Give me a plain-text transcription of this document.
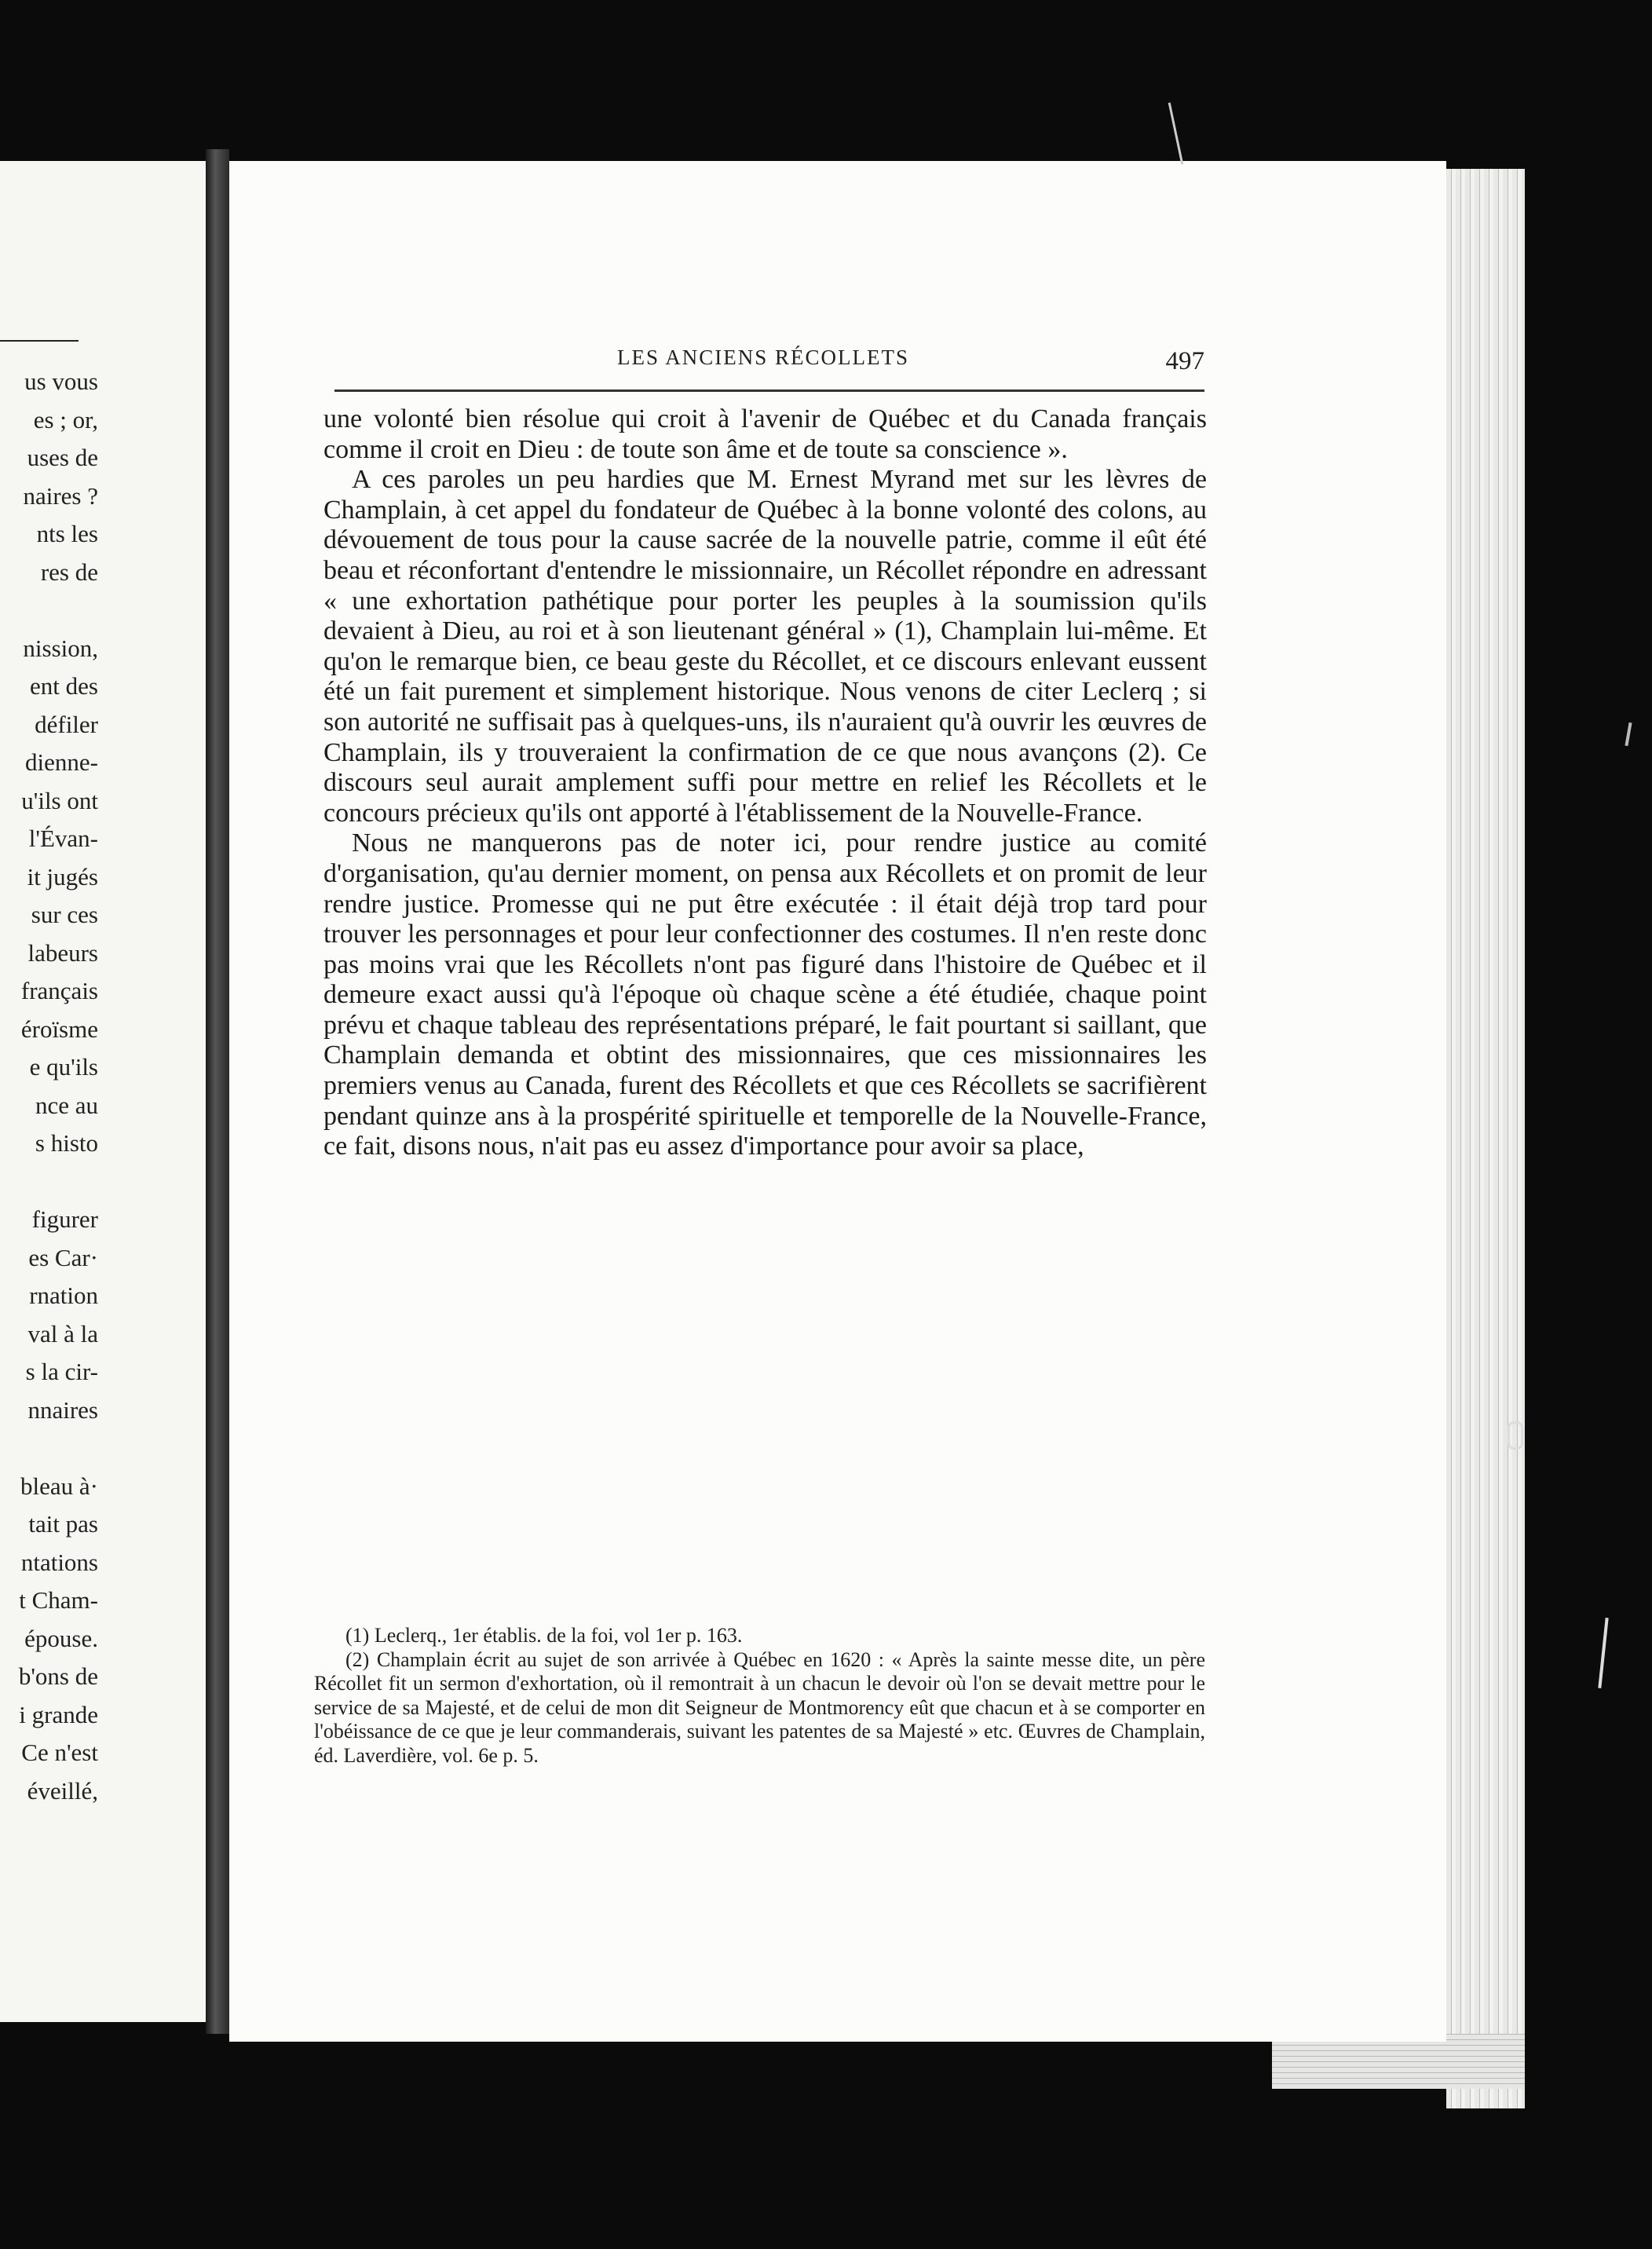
us vous
es ; or,
uses de
naires ?
nts les
res de
nission,
ent des
défiler
dienne-
u'ils ont
l'Évan-
it jugés
sur ces
labeurs
français
éroïsme
e qu'ils
nce au
s histo
figurer
es Car·
rnation
val à la
s la cir-
nnaires
bleau à·
tait pas
ntations
t Cham-
épouse.
b'ons de
i grande
Ce n'est
éveillé,
LES ANCIENS RÉCOLLETS	497

une volonté bien résolue qui croit à l'avenir de Québec et du Canada français comme il croit en Dieu : de toute son âme et de toute sa conscience ».

A ces paroles un peu hardies que M. Ernest Myrand met sur les lèvres de Champlain, à cet appel du fondateur de Québec à la bonne volonté des colons, au dévouement de tous pour la cause sacrée de la nouvelle patrie, comme il eût été beau et réconfortant d'entendre le missionnaire, un Récollet répondre en adressant « une exhortation pathétique pour porter les peuples à la soumission qu'ils devaient à Dieu, au roi et à son lieutenant général » (1), Champlain lui-même. Et qu'on le remarque bien, ce beau geste du Récollet, et ce discours enlevant eussent été un fait purement et simplement historique. Nous venons de citer Leclerq ; si son autorité ne suffisait pas à quelques-uns, ils n'auraient qu'à ouvrir les œuvres de Champlain, ils y trouveraient la confirmation de ce que nous avançons (2). Ce discours seul aurait amplement suffi pour mettre en relief les Récollets et le concours précieux qu'ils ont apporté à l'établissement de la Nouvelle-France.

Nous ne manquerons pas de noter ici, pour rendre justice au comité d'organisation, qu'au dernier moment, on pensa aux Récollets et on promit de leur rendre justice. Promesse qui ne put être exécutée : il était déjà trop tard pour trouver les personnages et pour leur confectionner des costumes. Il n'en reste donc pas moins vrai que les Récollets n'ont pas figuré dans l'histoire de Québec et il demeure exact aussi qu'à l'époque où chaque scène a été étudiée, chaque point prévu et chaque tableau des représentations préparé, le fait pourtant si saillant, que Champlain demanda et obtint des missionnaires, que ces missionnaires les premiers venus au Canada, furent des Récollets et que ces Récollets se sacrifièrent pendant quinze ans à la prospérité spirituelle et temporelle de la Nouvelle-France, ce fait, disons nous, n'ait pas eu assez d'importance pour avoir sa place,

(1) Leclerq., 1er établis. de la foi, vol 1er p. 163.

(2) Champlain écrit au sujet de son arrivée à Québec en 1620 : « Après la sainte messe dite, un père Récollet fit un sermon d'exhortation, où il remontrait à un chacun le devoir où l'on se devait mettre pour le service de sa Majesté, et de celui de mon dit Seigneur de Montmorency eût que chacun et à se comporter en l'obéissance de ce que je leur commanderais, suivant les patentes de sa Majesté » etc. Œuvres de Champlain, éd. Laverdière, vol. 6e p. 5.
